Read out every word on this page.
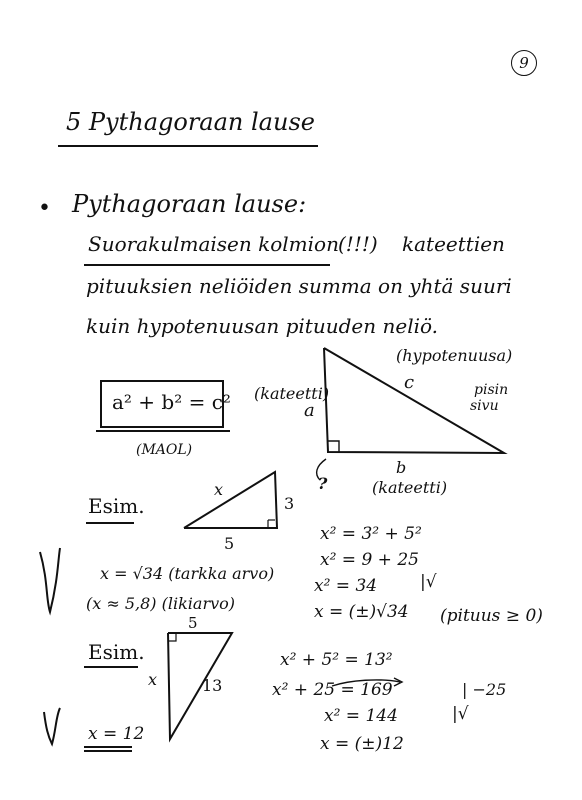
9
5 Pythagoraan lause
• Pythagoraan lause:
Suorakulmaisen kolmion (!!!) kateettien
pituuksien neliöiden summa on yhtä suuri
kuin hypotenuusan pituuden neliö.
a² + b² = c²
(MAOL)
(hypotenuusa)
c	pisin
sivu
(kateetti)
a
b
(kateetti)
?
Esim.
x
3
5	x² = 3² + 5²
x² = 9 + 25
x² = 34
x = (±)√34
|√
(pituus ≥ 0)
x = √34 (tarkka arvo)
(x ≈ 5,8) (likiarvo)
Esim.
5
x	13
x² + 5² = 13²
x² + 25 = 169
x² = 144
x = (±)12
| −25
|√
x = 12
